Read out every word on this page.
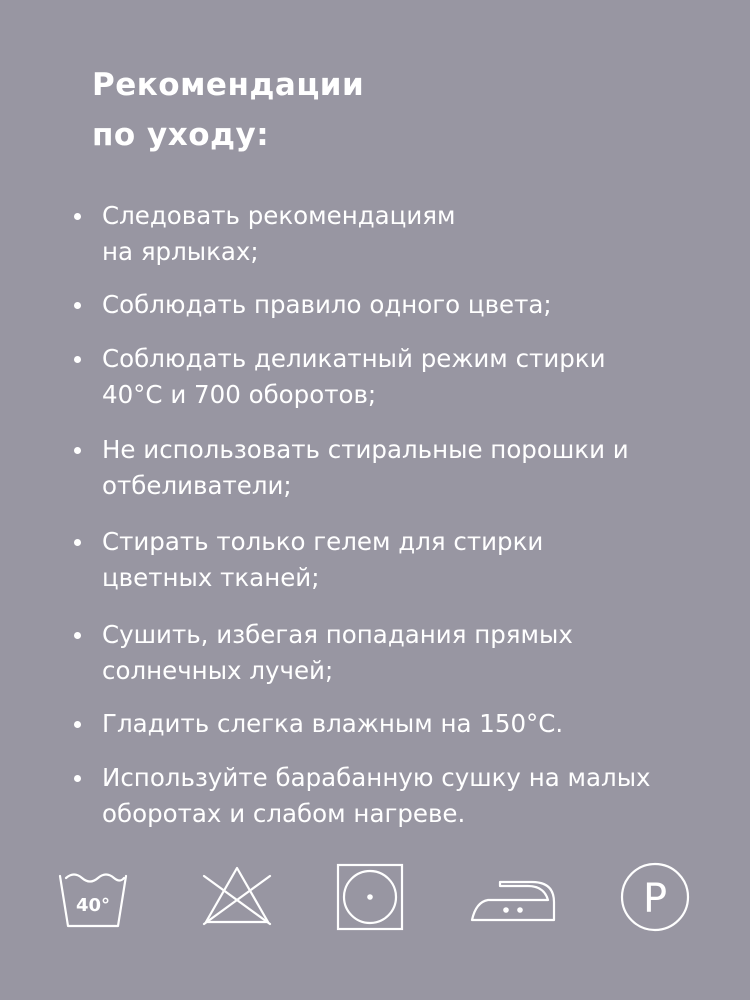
Рекомендации
по уходу:
Следовать рекомендациям
на ярлыках;
Соблюдать правило одного цвета;
Соблюдать деликатный режим стирки
40°С и 700 оборотов;
Не использовать стиральные порошки и
отбеливатели;
Стирать только гелем для стирки
цветных тканей;
Сушить, избегая попадания прямых
солнечных лучей;
Гладить слегка влажным на 150°С.
Используйте барабанную сушку на малых
оборотах и слабом нагреве.
40°	P
